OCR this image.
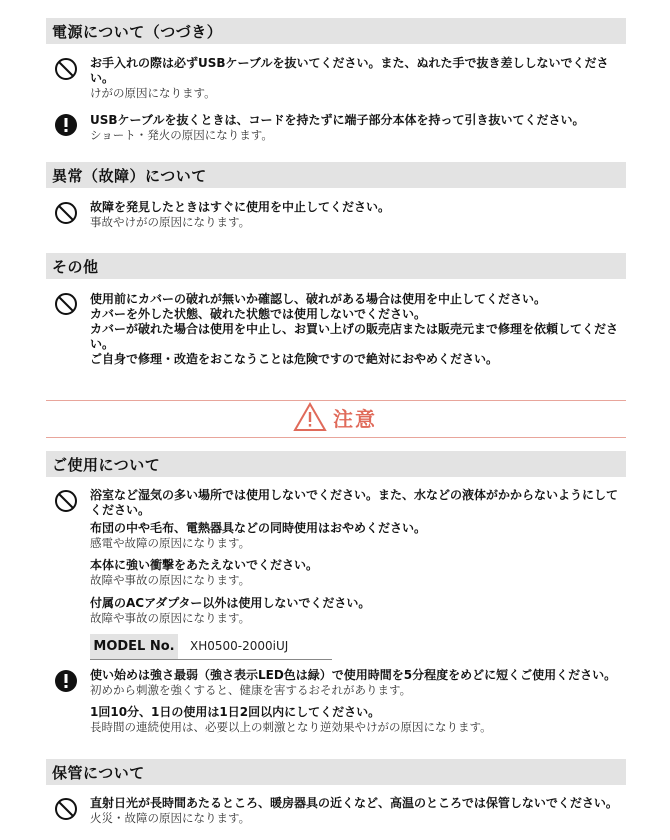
電源について（つづき）
お手入れの際は必ずUSBケーブルを抜いてください。また、ぬれた手で抜き差ししないでください。
けがの原因になります。
USBケーブルを抜くときは、コードを持たずに端子部分本体を持って引き抜いてください。
ショート・発火の原因になります。
異常（故障）について
故障を発見したときはすぐに使用を中止してください。
事故やけがの原因になります。
その他
使用前にカバーの破れが無いか確認し、破れがある場合は使用を中止してください。
カバーを外した状態、破れた状態では使用しないでください。
カバーが破れた場合は使用を中止し、お買い上げの販売店または販売元まで修理を依頼してください。
ご自身で修理・改造をおこなうことは危険ですので絶対におやめください。
注意
ご使用について
浴室など湿気の多い場所では使用しないでください。また、水などの液体がかからないようにしてください。
布団の中や毛布、電熱器具などの同時使用はおやめください。
感電や故障の原因になります。
本体に強い衝撃をあたえないでください。
故障や事故の原因になります。
付属のACアダプター以外は使用しないでください。
故障や事故の原因になります。
MODEL No.	XH0500-2000iUJ
使い始めは強さ最弱（強さ表示LED色は緑）で使用時間を5分程度をめどに短くご使用ください。
初めから刺激を強くすると、健康を害するおそれがあります。
1回10分、1日の使用は1日2回以内にしてください。
長時間の連続使用は、必要以上の刺激となり逆効果やけがの原因になります。
保管について
直射日光が長時間あたるところ、暖房器具の近くなど、高温のところでは保管しないでください。
火災・故障の原因になります。
